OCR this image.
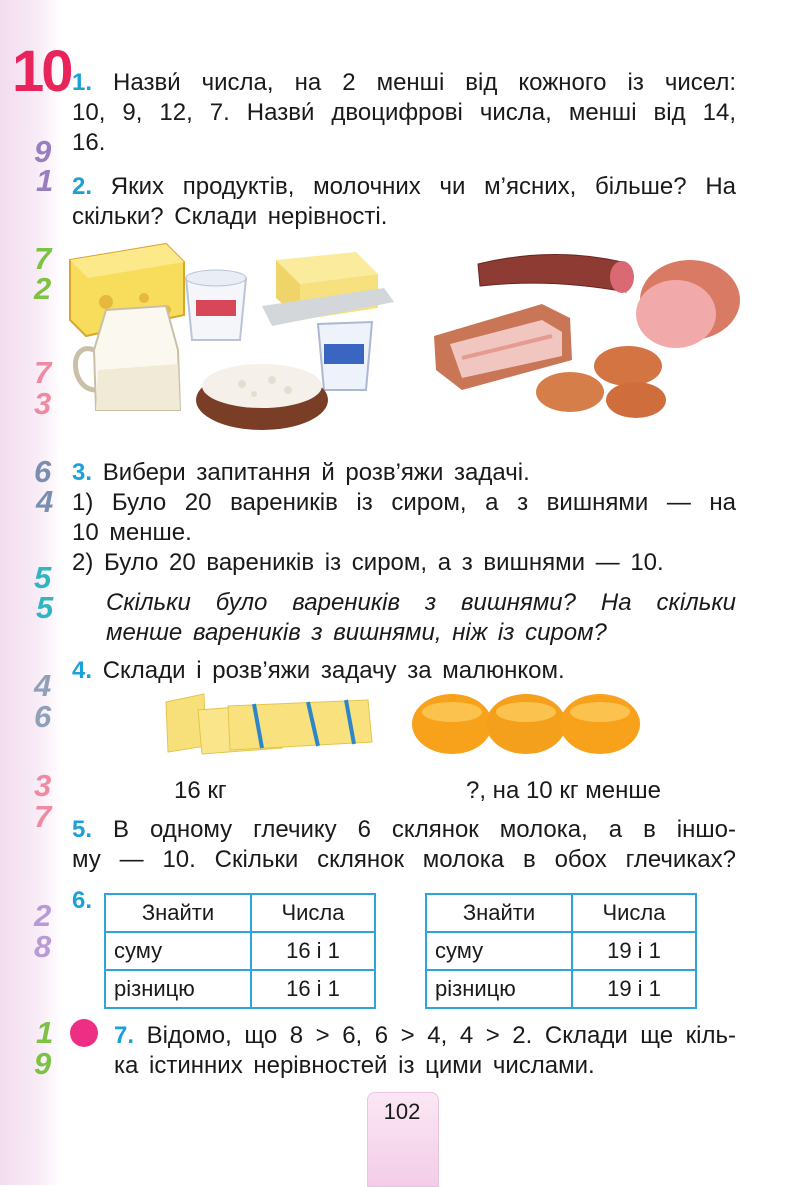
10
9
1
7
2
7
3
6
4
5
5
4
6
3
7
2
8
1
9
1. Назви́ числа, на 2 менші від кожного із чисел:
10, 9, 12, 7. Назви́ двоцифрові числа, менші від 14,
16.
2. Яких продуктів, молочних чи м’ясних, більше? На
скільки? Склади нерівності.
3. Вибери запитання й розв’яжи задачі.
1) Було 20 вареників із сиром, а з вишнями — на
10 менше.
2) Було 20 вареників із сиром, а з вишнями — 10.
Скільки було вареників з вишнями? На скільки
менше вареників з вишнями, ніж із сиром?
4. Склади і розв’яжи задачу за малюнком.
16 кг	?, на 10 кг менше
5. В одному глечику 6 склянок молока, а в іншо-
му — 10. Скільки склянок молока в обох глечиках?
6. Знайти	Числа
суму	16 і 1
різницю	16 і 1
Знайти	Числа
суму	19 і 1
різницю	19 і 1
7. Відомо, що 8 > 6, 6 > 4, 4 > 2. Склади ще кіль-
ка істинних нерівностей із цими числами.
102
